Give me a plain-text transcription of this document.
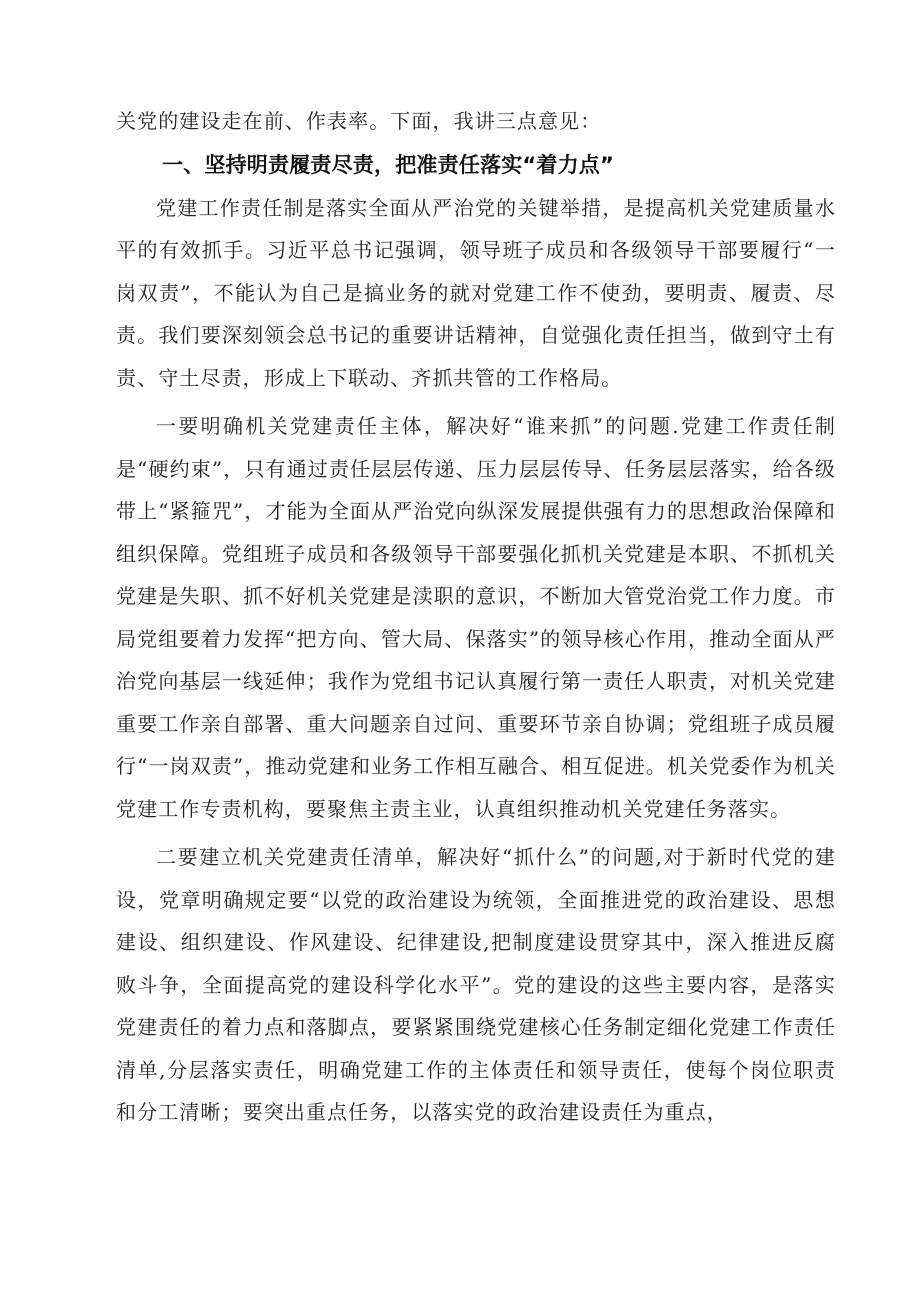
关党的建设走在前、作表率。下面，我讲三点意见：

一、坚持明责履责尽责，把准责任落实“着力点”

党建工作责任制是落实全面从严治党的关键举措，是提高机关党建质量水平的有效抓手。习近平总书记强调，领导班子成员和各级领导干部要履行“一岗双责”，不能认为自己是搞业务的就对党建工作不使劲，要明责、履责、尽责。我们要深刻领会总书记的重要讲话精神，自觉强化责任担当，做到守土有责、守土尽责，形成上下联动、齐抓共管的工作格局。

一要明确机关党建责任主体，解决好“谁来抓”的问题.党建工作责任制是“硬约束”，只有通过责任层层传递、压力层层传导、任务层层落实，给各级带上“紧箍咒”，才能为全面从严治党向纵深发展提供强有力的思想政治保障和组织保障。党组班子成员和各级领导干部要强化抓机关党建是本职、不抓机关党建是失职、抓不好机关党建是渎职的意识，不断加大管党治党工作力度。市局党组要着力发挥“把方向、管大局、保落实”的领导核心作用，推动全面从严治党向基层一线延伸；我作为党组书记认真履行第一责任人职责，对机关党建重要工作亲自部署、重大问题亲自过问、重要环节亲自协调；党组班子成员履行“一岗双责”，推动党建和业务工作相互融合、相互促进。机关党委作为机关党建工作专责机构，要聚焦主责主业，认真组织推动机关党建任务落实。

二要建立机关党建责任清单，解决好“抓什么”的问题,对于新时代党的建设，党章明确规定要“以党的政治建设为统领，全面推进党的政治建设、思想建设、组织建设、作风建设、纪律建设,把制度建设贯穿其中，深入推进反腐败斗争，全面提高党的建设科学化水平”。党的建设的这些主要内容，是落实党建责任的着力点和落脚点，要紧紧围绕党建核心任务制定细化党建工作责任清单,分层落实责任，明确党建工作的主体责任和领导责任，使每个岗位职责和分工清晰；要突出重点任务，以落实党的政治建设责任为重点，
